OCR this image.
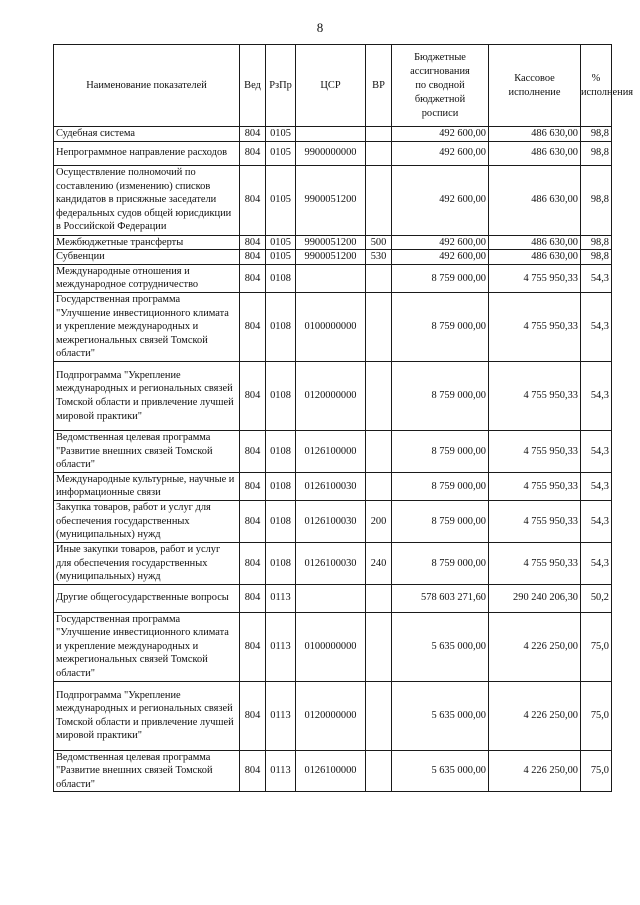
8
Наименование показателей	Вед	РзПр	ЦСР	ВР	Бюджетные ассигнования по сводной бюджетной росписи	Кассовое исполнение	% исполнения
Судебная система	804	0105			492 600,00	486 630,00	98,8
Непрограммное направление расходов	804	0105	9900000000		492 600,00	486 630,00	98,8
Осуществление полномочий по составлению (изменению) списков кандидатов в присяжные заседатели федеральных судов общей юрисдикции в Российской Федерации	804	0105	9900051200		492 600,00	486 630,00	98,8
Межбюджетные трансферты	804	0105	9900051200	500	492 600,00	486 630,00	98,8
Субвенции	804	0105	9900051200	530	492 600,00	486 630,00	98,8
Международные отношения и международное сотрудничество	804	0108			8 759 000,00	4 755 950,33	54,3
Государственная программа "Улучшение инвестиционного климата и укрепление международных и межрегиональных связей Томской области"	804	0108	0100000000		8 759 000,00	4 755 950,33	54,3
Подпрограмма "Укрепление международных и региональных связей Томской области и привлечение лучшей мировой практики"	804	0108	0120000000		8 759 000,00	4 755 950,33	54,3
Ведомственная целевая программа "Развитие внешних связей Томской области"	804	0108	0126100000		8 759 000,00	4 755 950,33	54,3
Международные культурные, научные и информационные связи	804	0108	0126100030		8 759 000,00	4 755 950,33	54,3
Закупка товаров, работ и услуг для обеспечения государственных (муниципальных) нужд	804	0108	0126100030	200	8 759 000,00	4 755 950,33	54,3
Иные закупки товаров, работ и услуг для обеспечения государственных (муниципальных) нужд	804	0108	0126100030	240	8 759 000,00	4 755 950,33	54,3
Другие общегосударственные вопросы	804	0113			578 603 271,60	290 240 206,30	50,2
Государственная программа "Улучшение инвестиционного климата и укрепление международных и межрегиональных связей Томской области"	804	0113	0100000000		5 635 000,00	4 226 250,00	75,0
Подпрограмма "Укрепление международных и региональных связей Томской области и привлечение лучшей мировой практики"	804	0113	0120000000		5 635 000,00	4 226 250,00	75,0
Ведомственная целевая программа "Развитие внешних связей Томской области"	804	0113	0126100000		5 635 000,00	4 226 250,00	75,0
